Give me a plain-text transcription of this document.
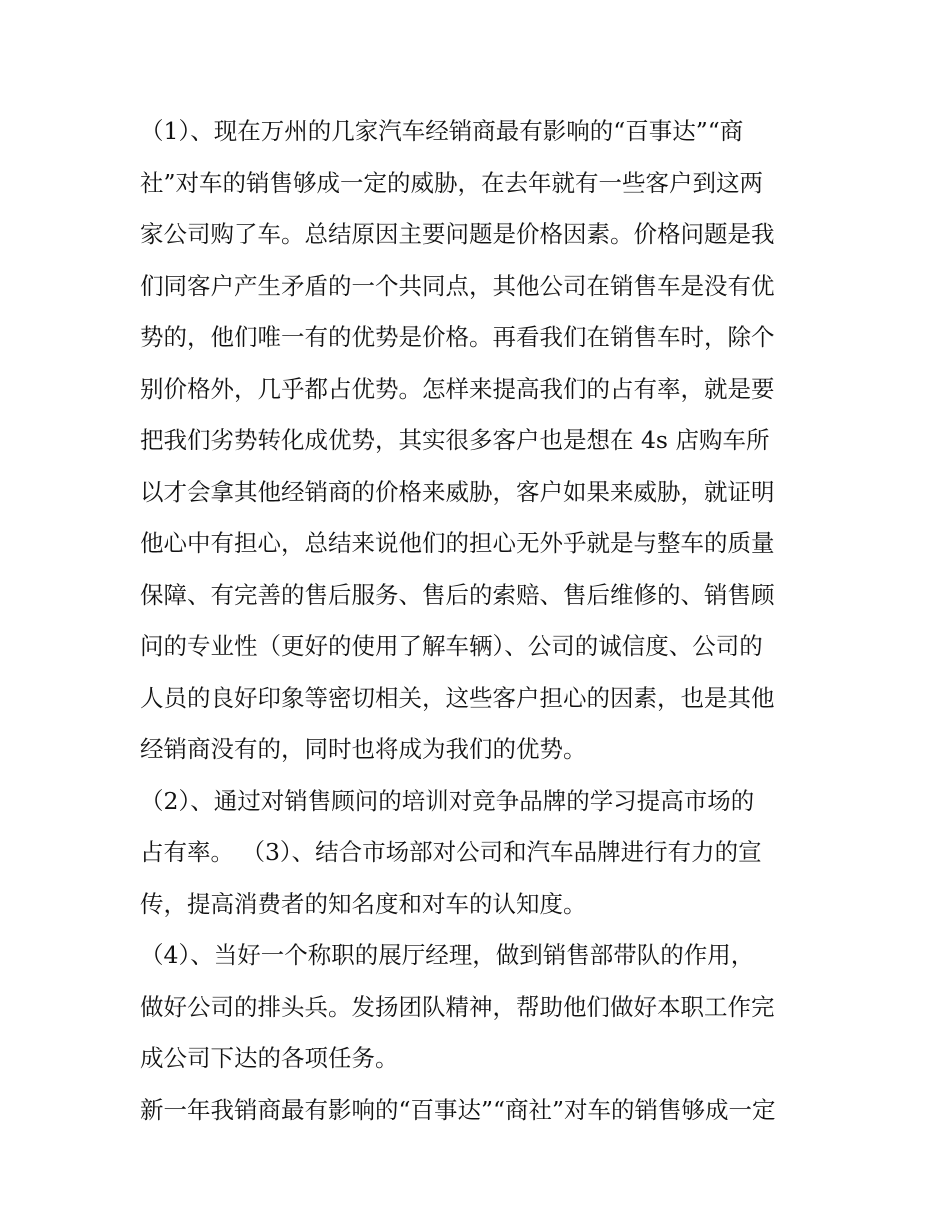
（1）、现在万州的几家汽车经销商最有影响的“百事达”“商
社”对车的销售够成一定的威胁，在去年就有一些客户到这两
家公司购了车。总结原因主要问题是价格因素。价格问题是我
们同客户产生矛盾的一个共同点，其他公司在销售车是没有优
势的，他们唯一有的优势是价格。再看我们在销售车时，除个
别价格外，几乎都占优势。怎样来提高我们的占有率，就是要
把我们劣势转化成优势，其实很多客户也是想在 4s 店购车所
以才会拿其他经销商的价格来威胁，客户如果来威胁，就证明
他心中有担心，总结来说他们的担心无外乎就是与整车的质量
保障、有完善的售后服务、售后的索赔、售后维修的、销售顾
问的专业性（更好的使用了解车辆）、公司的诚信度、公司的
人员的良好印象等密切相关，这些客户担心的因素，也是其他
经销商没有的，同时也将成为我们的优势。
（2）、通过对销售顾问的培训对竞争品牌的学习提高市场的
占有率。 （3）、结合市场部对公司和汽车品牌进行有力的宣
传，提高消费者的知名度和对车的认知度。
（4）、当好一个称职的展厅经理，做到销售部带队的作用，
做好公司的排头兵。发扬团队精神，帮助他们做好本职工作完
成公司下达的各项任务。
新一年我销商最有影响的“百事达”“商社”对车的销售够成一定
